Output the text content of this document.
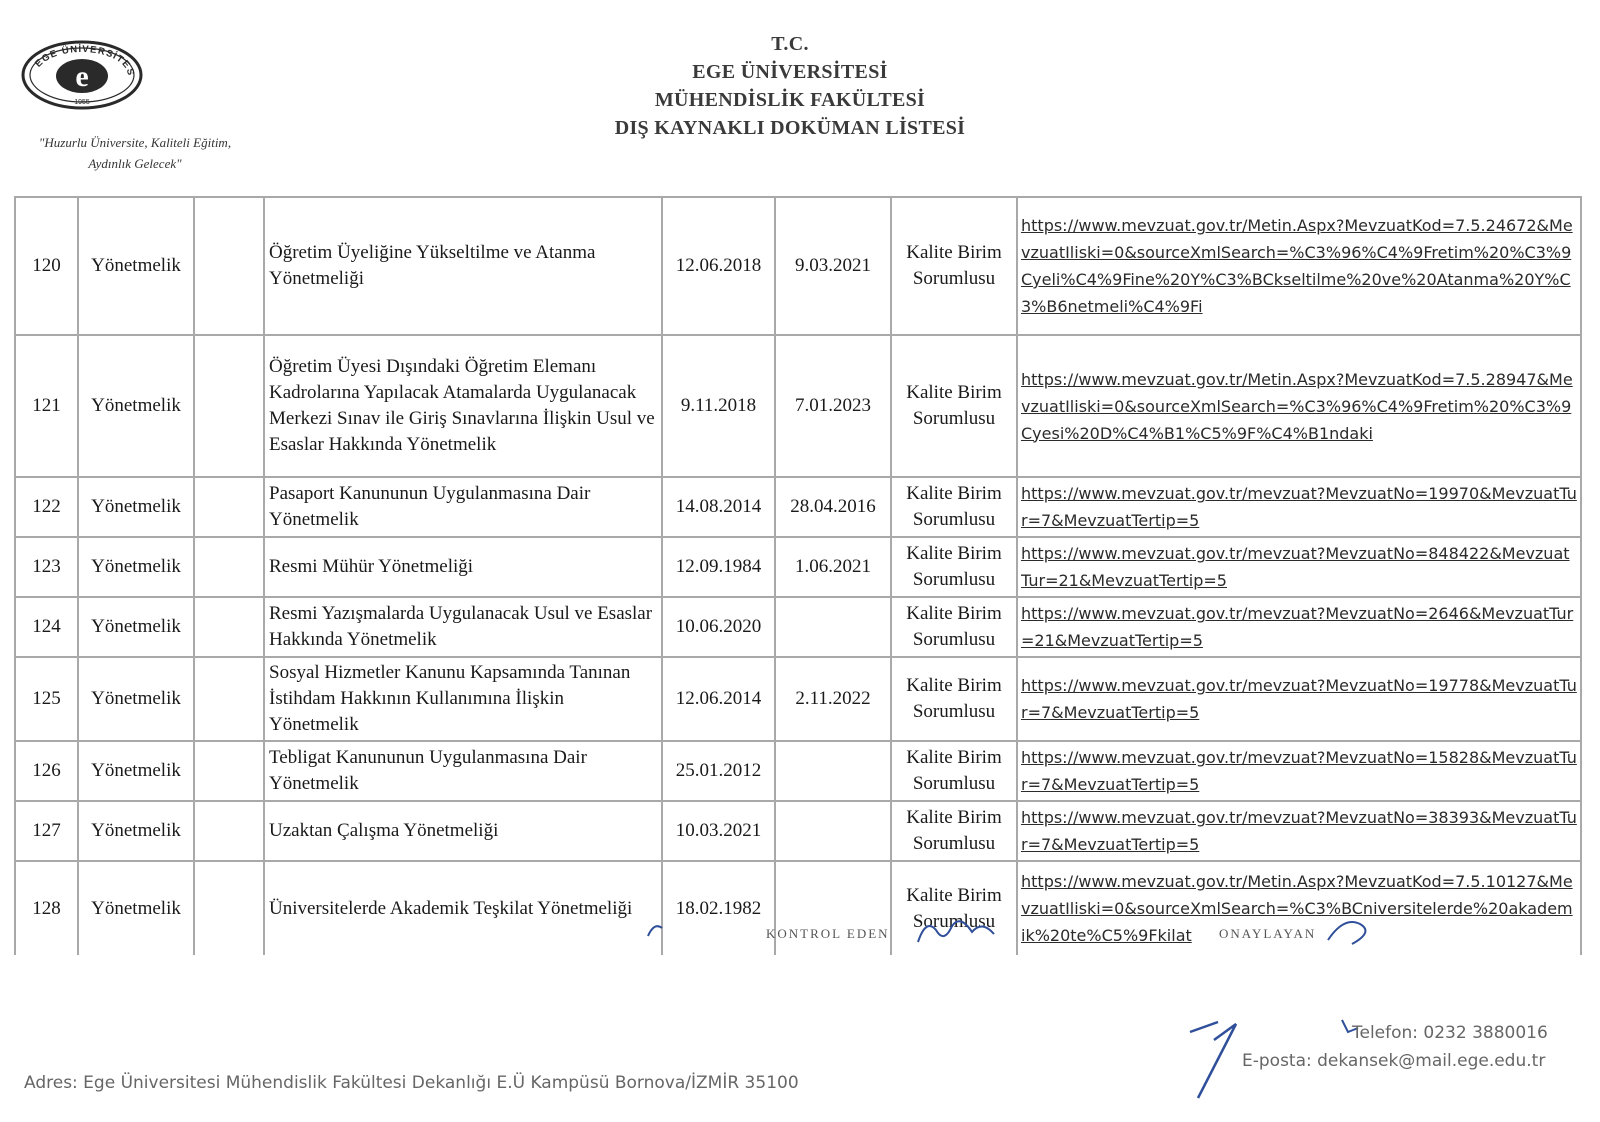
EGE ÜNİVERSİTES
e
1955
"Huzurlu Üniversite, Kaliteli Eğitim,
Aydınlık Gelecek"
T.C.
EGE ÜNİVERSİTESİ
MÜHENDİSLİK FAKÜLTESİ
DIŞ KAYNAKLI DOKÜMAN LİSTESİ
120	Yönetmelik		Öğretim Üyeliğine Yükseltilme ve Atanma Yönetmeliği	12.06.2018	9.03.2021	Kalite Birim Sorumlusu	https://www.mevzuat.gov.tr/Metin.Aspx?MevzuatKod=7.5.24672&MevzuatIliski=0&sourceXmlSearch=%C3%96%C4%9Fretim%20%C3%9Cyeli%C4%9Fine%20Y%C3%BCkseltilme%20ve%20Atanma%20Y%C3%B6netmeli%C4%9Fi
121	Yönetmelik		Öğretim Üyesi Dışındaki Öğretim Elemanı Kadrolarına Yapılacak Atamalarda Uygulanacak Merkezi Sınav ile Giriş Sınavlarına İlişkin Usul ve Esaslar Hakkında Yönetmelik	9.11.2018	7.01.2023	Kalite Birim Sorumlusu	https://www.mevzuat.gov.tr/Metin.Aspx?MevzuatKod=7.5.28947&MevzuatIliski=0&sourceXmlSearch=%C3%96%C4%9Fretim%20%C3%9Cyesi%20D%C4%B1%C5%9F%C4%B1ndaki
122	Yönetmelik		Pasaport Kanununun Uygulanmasına Dair Yönetmelik	14.08.2014	28.04.2016	Kalite Birim Sorumlusu	https://www.mevzuat.gov.tr/mevzuat?MevzuatNo=19970&MevzuatTur=7&MevzuatTertip=5
123	Yönetmelik		Resmi Mühür Yönetmeliği	12.09.1984	1.06.2021	Kalite Birim Sorumlusu	https://www.mevzuat.gov.tr/mevzuat?MevzuatNo=848422&MevzuatTur=21&MevzuatTertip=5
124	Yönetmelik		Resmi Yazışmalarda Uygulanacak Usul ve Esaslar Hakkında Yönetmelik	10.06.2020		Kalite Birim Sorumlusu	https://www.mevzuat.gov.tr/mevzuat?MevzuatNo=2646&MevzuatTur=21&MevzuatTertip=5
125	Yönetmelik		Sosyal Hizmetler Kanunu Kapsamında Tanınan İstihdam Hakkının Kullanımına İlişkin Yönetmelik	12.06.2014	2.11.2022	Kalite Birim Sorumlusu	https://www.mevzuat.gov.tr/mevzuat?MevzuatNo=19778&MevzuatTur=7&MevzuatTertip=5
126	Yönetmelik		Tebligat Kanununun Uygulanmasına Dair Yönetmelik	25.01.2012		Kalite Birim Sorumlusu	https://www.mevzuat.gov.tr/mevzuat?MevzuatNo=15828&MevzuatTur=7&MevzuatTertip=5
127	Yönetmelik		Uzaktan Çalışma Yönetmeliği	10.03.2021		Kalite Birim Sorumlusu	https://www.mevzuat.gov.tr/mevzuat?MevzuatNo=38393&MevzuatTur=7&MevzuatTertip=5
128	Yönetmelik		Üniversitelerde Akademik Teşkilat Yönetmeliği	18.02.1982		Kalite Birim Sorumlusu	https://www.mevzuat.gov.tr/Metin.Aspx?MevzuatKod=7.5.10127&MevzuatIliski=0&sourceXmlSearch=%C3%BCniversitelerde%20akademik%20te%C5%9Fkilat
KONTROL EDEN	ONAYLAYAN
Adres: Ege Üniversitesi Mühendislik Fakültesi Dekanlığı E.Ü Kampüsü Bornova/İZMİR 35100
Telefon: 0232 3880016
E-posta: dekansek@mail.ege.edu.tr
